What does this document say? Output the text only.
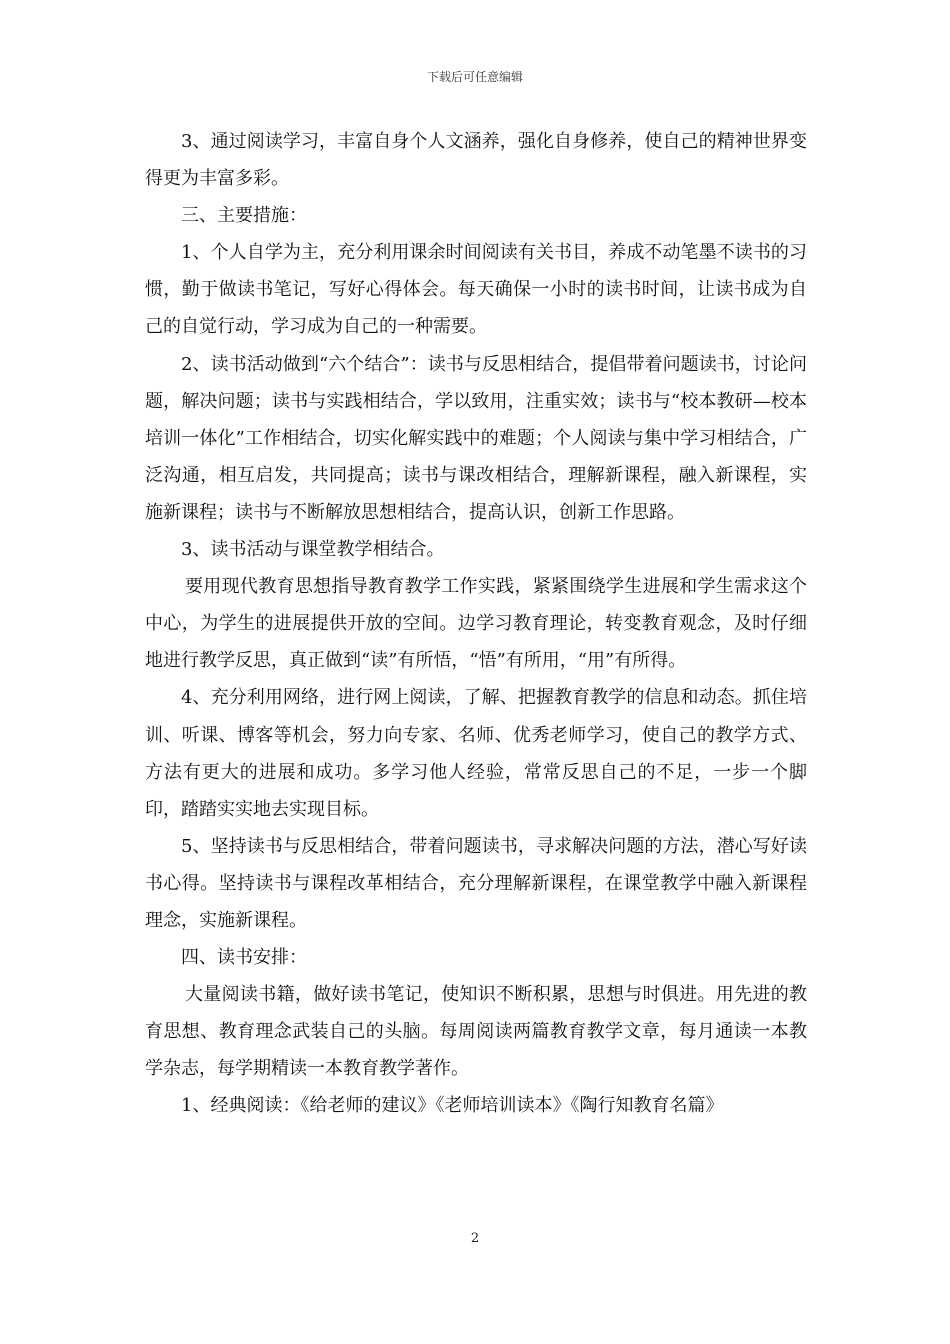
下载后可任意编辑

3、通过阅读学习，丰富自身个人文涵养，强化自身修养，使自己的精神世界变得更为丰富多彩。

三、主要措施：

1、个人自学为主，充分利用课余时间阅读有关书目，养成不动笔墨不读书的习惯，勤于做读书笔记，写好心得体会。每天确保一小时的读书时间，让读书成为自己的自觉行动，学习成为自己的一种需要。

2、读书活动做到“六个结合”：读书与反思相结合，提倡带着问题读书，讨论问题，解决问题；读书与实践相结合，学以致用，注重实效；读书与“校本教研—校本培训一体化”工作相结合，切实化解实践中的难题；个人阅读与集中学习相结合，广泛沟通，相互启发，共同提高；读书与课改相结合，理解新课程，融入新课程，实施新课程；读书与不断解放思想相结合，提高认识，创新工作思路。

3、读书活动与课堂教学相结合。

要用现代教育思想指导教育教学工作实践，紧紧围绕学生进展和学生需求这个中心，为学生的进展提供开放的空间。边学习教育理论，转变教育观念，及时仔细地进行教学反思，真正做到“读”有所悟，“悟”有所用，“用”有所得。

4、充分利用网络，进行网上阅读，了解、把握教育教学的信息和动态。抓住培训、听课、博客等机会，努力向专家、名师、优秀老师学习，使自己的教学方式、方法有更大的进展和成功。多学习他人经验，常常反思自己的不足，一步一个脚印，踏踏实实地去实现目标。

5、坚持读书与反思相结合，带着问题读书，寻求解决问题的方法，潜心写好读书心得。坚持读书与课程改革相结合，充分理解新课程，在课堂教学中融入新课程理念，实施新课程。

四、读书安排：

大量阅读书籍，做好读书笔记，使知识不断积累，思想与时俱进。用先进的教育思想、教育理念武装自己的头脑。每周阅读两篇教育教学文章，每月通读一本教学杂志，每学期精读一本教育教学著作。

1、经典阅读：《给老师的建议》《老师培训读本》《陶行知教育名篇》

2
